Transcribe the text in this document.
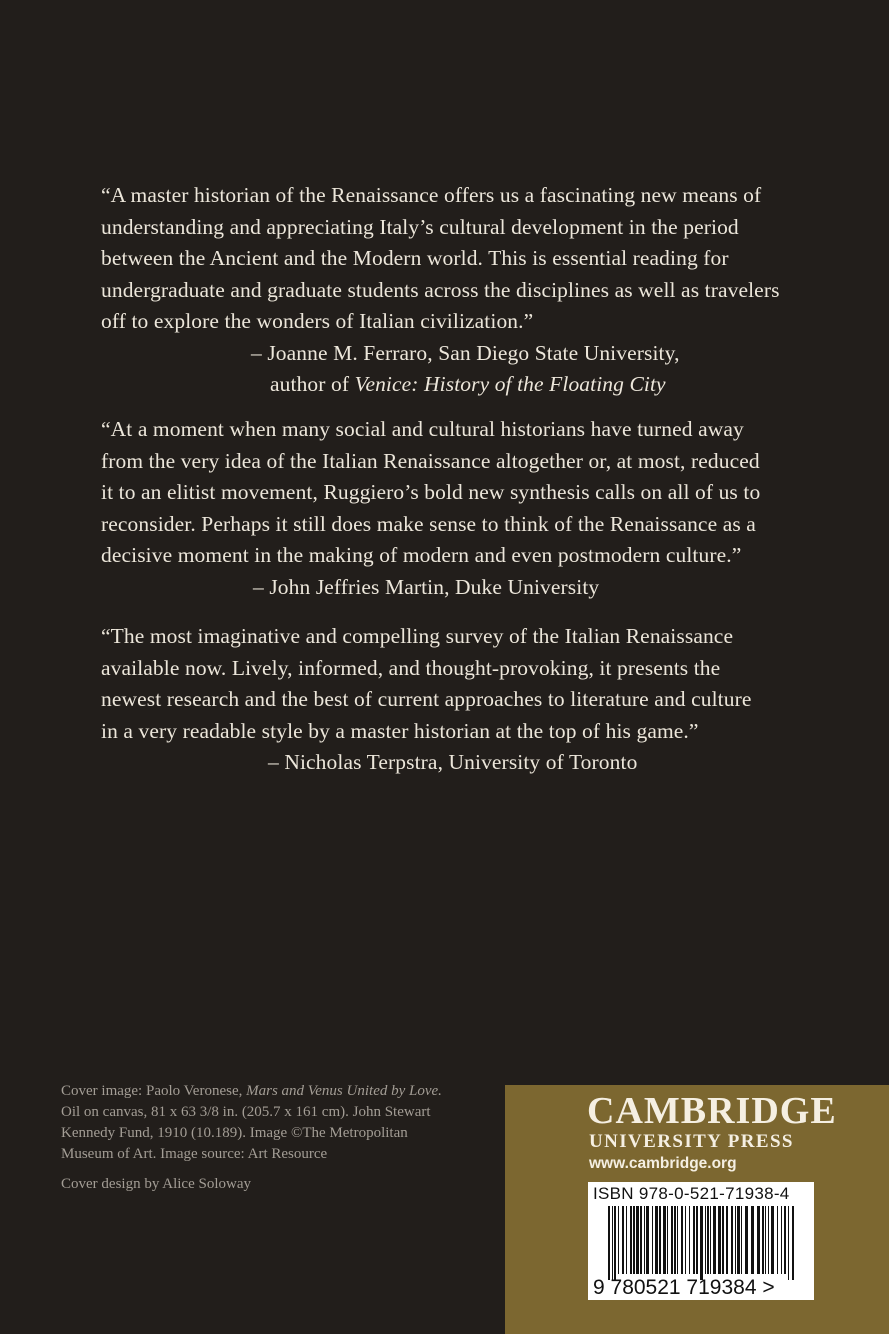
“A master historian of the Renaissance offers us a fascinating new means of

understanding and appreciating Italy’s cultural development in the period

between the Ancient and the Modern world. This is essential reading for

undergraduate and graduate students across the disciplines as well as travelers

off to explore the wonders of Italian civilization.”

– Joanne M. Ferraro, San Diego State University,

author of Venice: History of the Floating City

“At a moment when many social and cultural historians have turned away

from the very idea of the Italian Renaissance altogether or, at most, reduced

it to an elitist movement, Ruggiero’s bold new synthesis calls on all of us to

reconsider. Perhaps it still does make sense to think of the Renaissance as a

decisive moment in the making of modern and even postmodern culture.”

– John Jeffries Martin, Duke University

“The most imaginative and compelling survey of the Italian Renaissance

available now. Lively, informed, and thought-provoking, it presents the

newest research and the best of current approaches to literature and culture

in a very readable style by a master historian at the top of his game.”

– Nicholas Terpstra, University of Toronto

Cover image: Paolo Veronese, Mars and Venus United by Love.

Oil on canvas, 81 x 63 3/8 in. (205.7 x 161 cm). John Stewart

Kennedy Fund, 1910 (10.189). Image ©The Metropolitan

Museum of Art. Image source: Art Resource

Cover design by Alice Soloway

CAMBRIDGE
UNIVERSITY PRESS
www.cambridge.org
ISBN 978-0-521-71938-4
9 780521 719384 >
